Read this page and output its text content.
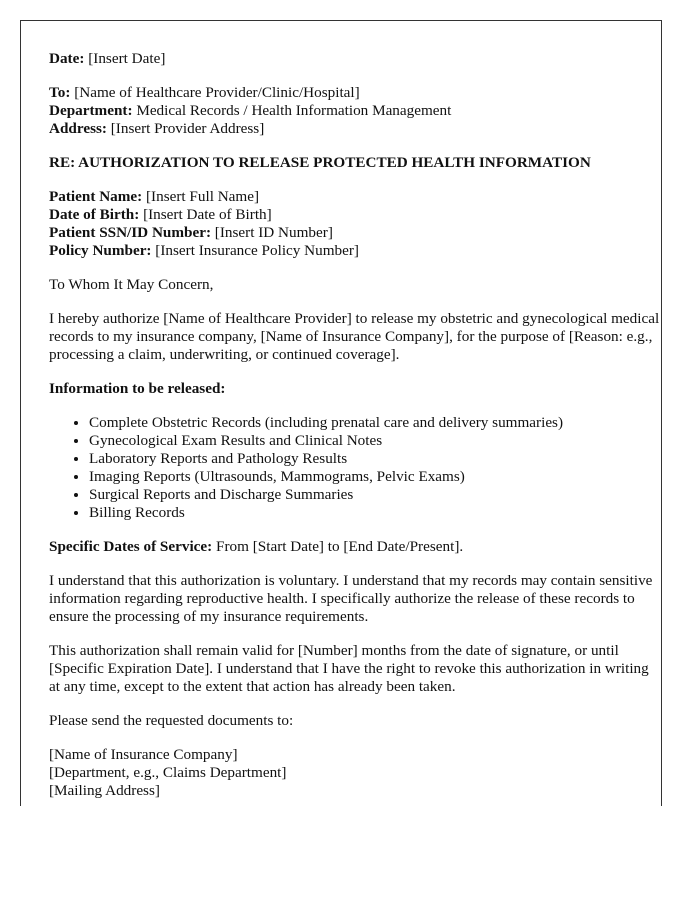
Date: [Insert Date]

To: [Name of Healthcare Provider/Clinic/Hospital]
Department: Medical Records / Health Information Management
Address: [Insert Provider Address]

RE: AUTHORIZATION TO RELEASE PROTECTED HEALTH INFORMATION

Patient Name: [Insert Full Name]
Date of Birth: [Insert Date of Birth]
Patient SSN/ID Number: [Insert ID Number]
Policy Number: [Insert Insurance Policy Number]

To Whom It May Concern,

I hereby authorize [Name of Healthcare Provider] to release my obstetric and gynecological medical records to my insurance company, [Name of Insurance Company], for the purpose of [Reason: e.g., processing a claim, underwriting, or continued coverage].

Information to be released:

• Complete Obstetric Records (including prenatal care and delivery summaries)
• Gynecological Exam Results and Clinical Notes
• Laboratory Reports and Pathology Results
• Imaging Reports (Ultrasounds, Mammograms, Pelvic Exams)
• Surgical Reports and Discharge Summaries
• Billing Records

Specific Dates of Service: From [Start Date] to [End Date/Present].

I understand that this authorization is voluntary. I understand that my records may contain sensitive information regarding reproductive health. I specifically authorize the release of these records to ensure the processing of my insurance requirements.

This authorization shall remain valid for [Number] months from the date of signature, or until [Specific Expiration Date]. I understand that I have the right to revoke this authorization in writing at any time, except to the extent that action has already been taken.

Please send the requested documents to:

[Name of Insurance Company]
[Department, e.g., Claims Department]
[Mailing Address]
